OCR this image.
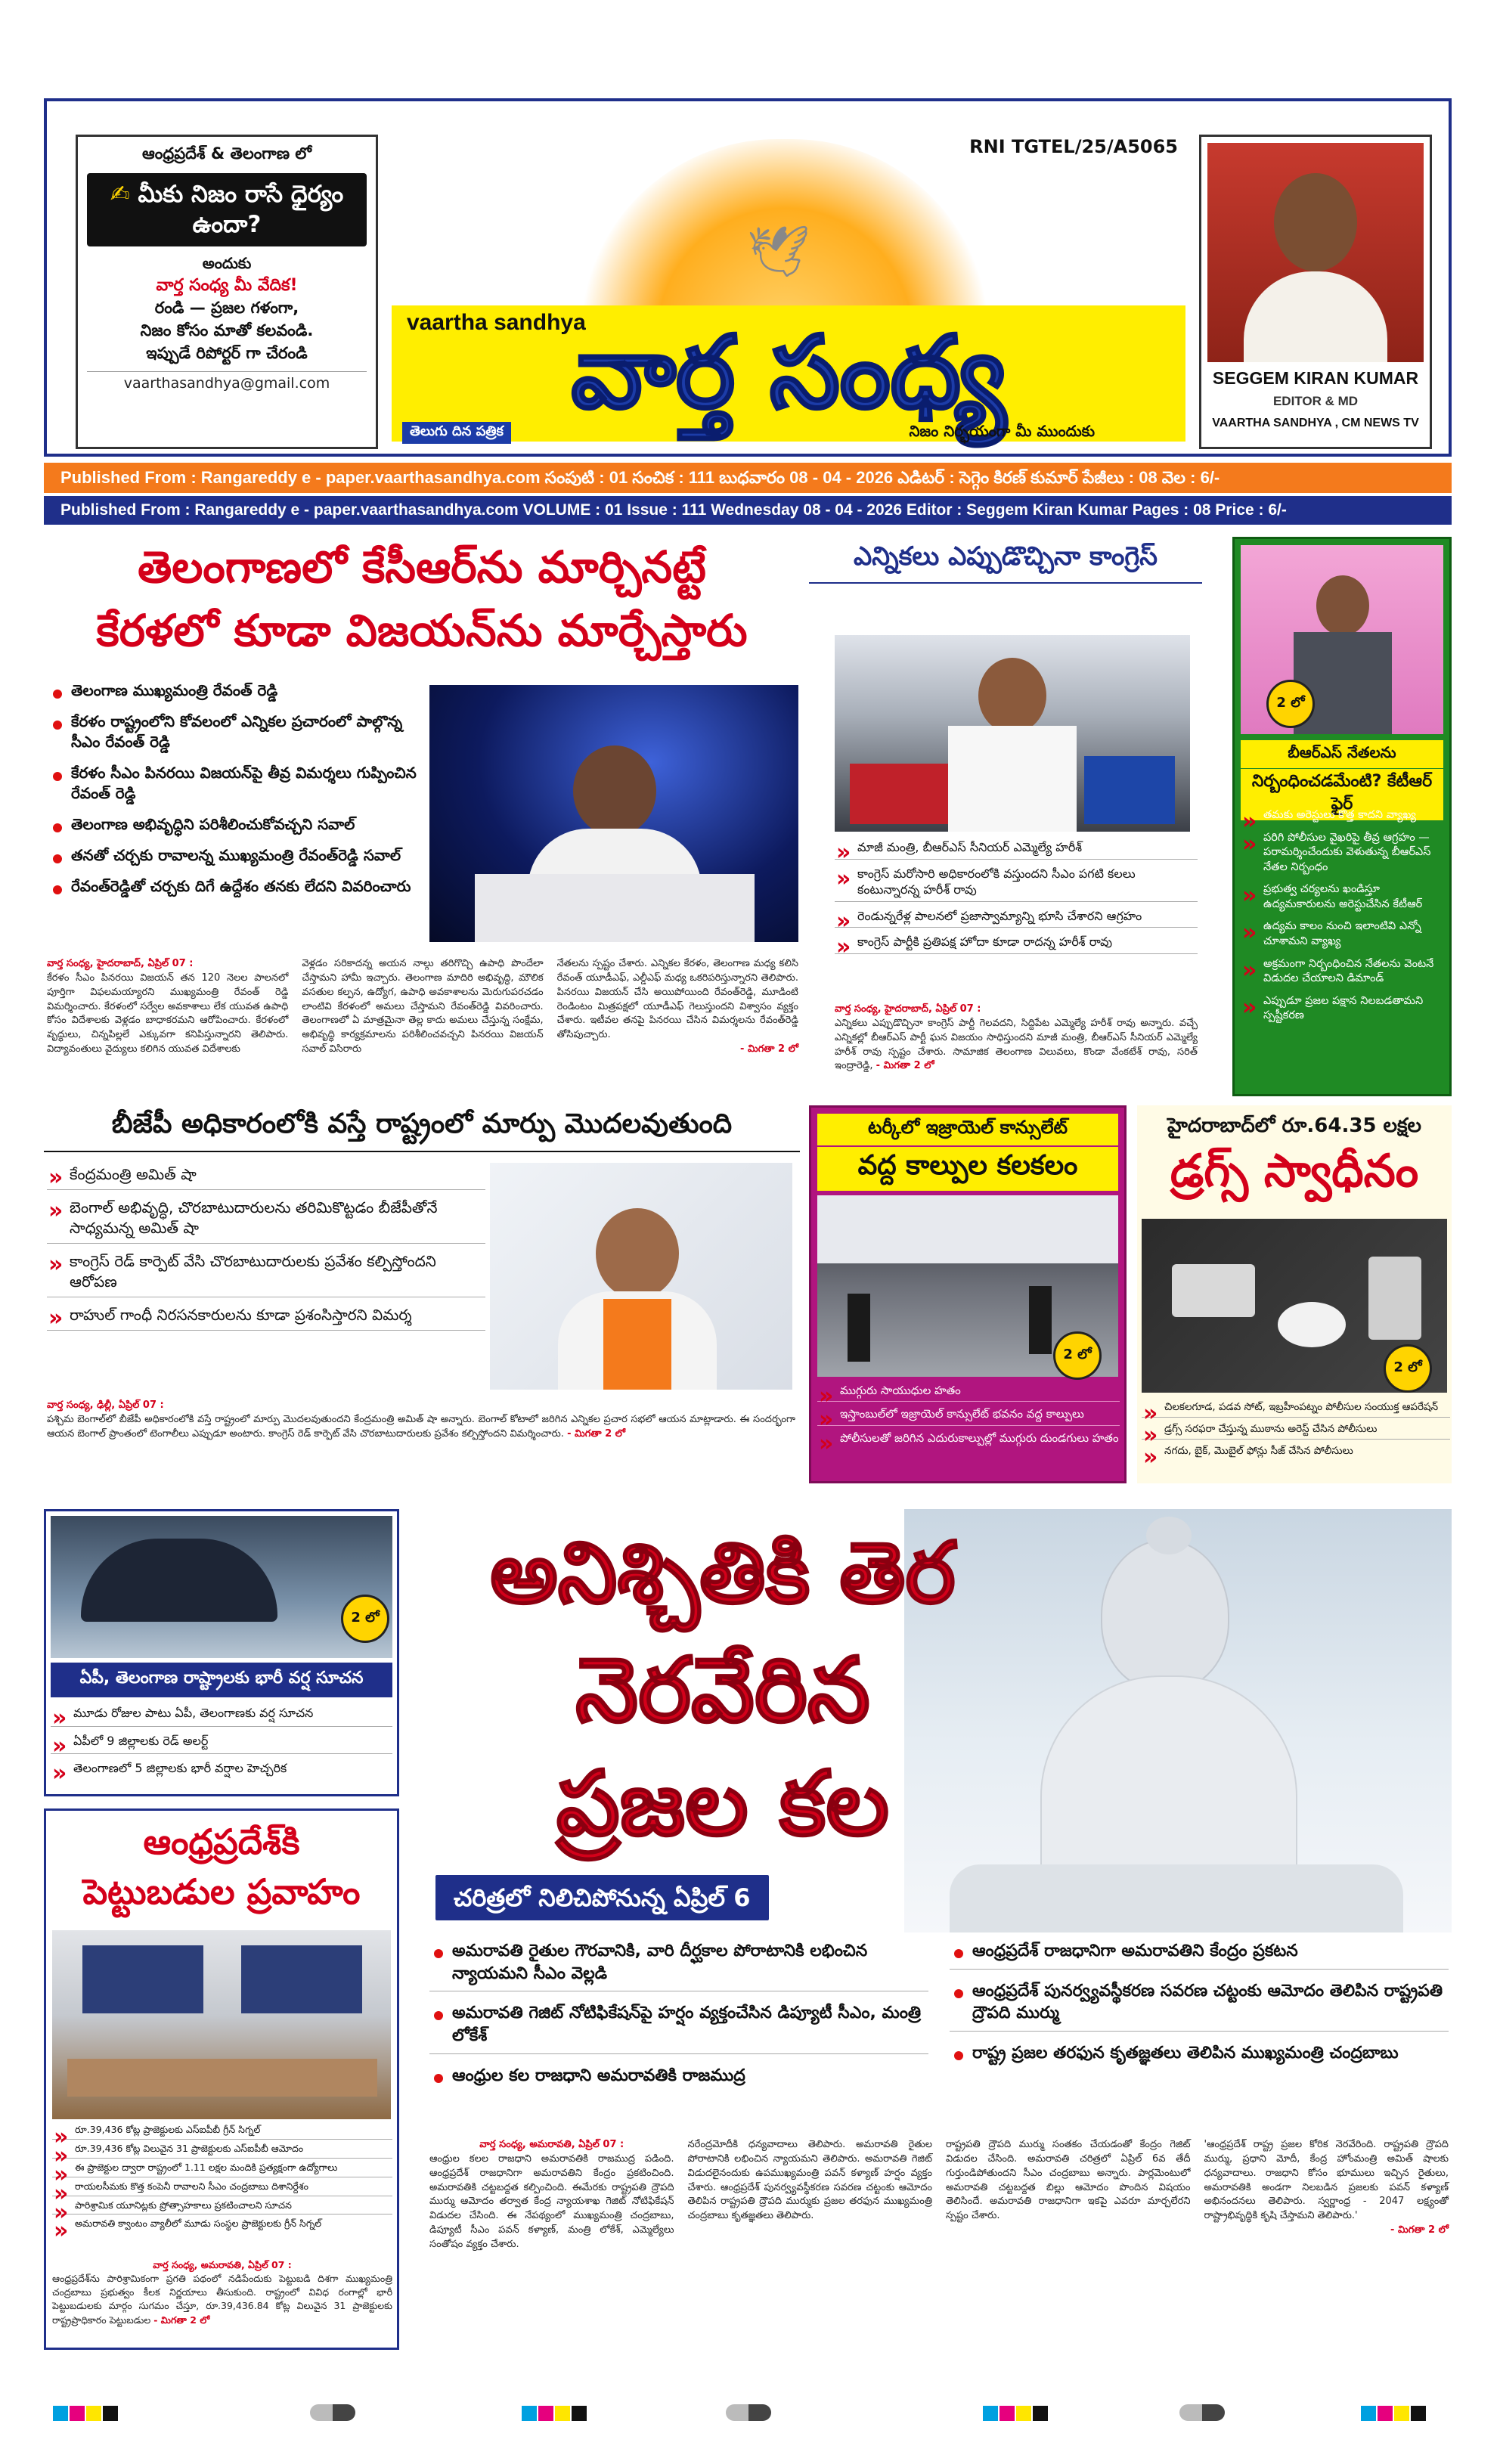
ఆంధ్రప్రదేశ్ & తెలంగాణ లో
✍ మీకు నిజం రాసే ధైర్యం ఉందా?
అందుకు
వార్త సంధ్య మీ వేదిక!
రండి — ప్రజల గళంగా,
నిజం కోసం మాతో కలవండి.
ఇప్పుడే రిపోర్టర్ గా చేరండి
vaarthasandhya@gmail.com
🕊
RNI TGTEL/25/A5065
vaartha sandhya
వార్త సంధ్య
తెలుగు దిన పత్రిక	నిజం నిర్భయంగా మీ ముందుకు
SEGGEM KIRAN KUMAR
EDITOR & MD
VAARTHA SANDHYA , CM NEWS TV
Published From : Rangareddy e - paper.vaarthasandhya.com సంపుటి : 01 సంచిక : 111 బుధవారం 08 - 04 - 2026 ఎడిటర్ : సెగ్గెం కిరణ్ కుమార్ పేజీలు : 08 వెల : 6/-
Published From : Rangareddy e - paper.vaarthasandhya.com VOLUME : 01 Issue : 111 Wednesday 08 - 04 - 2026 Editor : Seggem Kiran Kumar Pages : 08 Price : 6/-
తెలంగాణలో కేసీఆర్‌ను మార్చినట్టే
కేరళలో కూడా విజయన్‌ను మార్చేస్తారు
తెలంగాణ ముఖ్యమంత్రి రేవంత్ రెడ్డి
కేరళం రాష్ట్రంలోని కోవలంలో ఎన్నికల ప్రచారంలో పాల్గొన్న సీఎం రేవంత్ రెడ్డి
కేరళం సీఎం పినరయి విజయన్‌పై తీవ్ర విమర్శలు గుప్పించిన రేవంత్ రెడ్డి
తెలంగాణ అభివృద్ధిని పరిశీలించుకోవచ్చని సవాల్
తనతో చర్చకు రావాలన్న ముఖ్యమంత్రి రేవంత్‌రెడ్డి సవాల్
రేవంత్‌రెడ్డితో చర్చకు దిగే ఉద్దేశం తనకు లేదని వివరించారు
వార్త సంధ్య, హైదరాబాద్, ఏప్రిల్ 07 :
కేరళం సీఎం పినరయి విజయన్ తన 120 నెలల పాలనలో పూర్తిగా విఫలమయ్యారని ముఖ్యమంత్రి రేవంత్ రెడ్డి విమర్శించారు. కేరళంలో సర్వేల అవకాశాలు లేక యువత ఉపాధి కోసం విదేశాలకు వెళ్లడం బాధాకరమని ఆరోపించారు. కేరళంలో వృద్ధులు, చిన్నపిల్లలే ఎక్కువగా కనిపిస్తున్నారని తెలిపారు. విద్యావంతులు వైద్యులు కలిగిన యువత విదేశాలకు
వెళ్లడం సరికాదన్న అయన నాల్గు తరిగొచ్చి ఉపాధి పొందేలా చేస్తామని హామీ ఇచ్చారు. తెలంగాణ మాదిరి అభివృద్ధి, మౌలిక వసతుల కల్పన, ఉద్యోగ, ఉపాధి అవకాశాలను మెరుగుపరచడం లాంటివి కేరళంలో అమలు చేస్తామని రేవంత్‌రెడ్డి వివరించారు. తెలంగాణలో ఏ మాత్రమైనా తెల్ల కాదు అమలు చేస్తున్న సంక్షేమ, అభివృద్ధి కార్యక్రమాలను పరిశీలించవచ్చని పినరయి విజయన్ సవాల్ విసిరారు
నేతలను స్పష్టం చేశారు. ఎన్నికల కేరళం, తెలంగాణ మధ్య కలిసి రేవంత్ యూడీఎఫ్, ఎల్డీఎఫ్ మధ్య ఒకరిపరిస్తున్నారని తెలిపారు. పినరయి విజయన్ చేసి అయిపోయింది రేవంత్‌రెడ్డి, మూడింటి రెండింటం మిత్రపక్షలో యూడీఎఫ్ గెలుస్తుందని విశ్వాసం వ్యక్తం చేశారు. ఇటీవల తనపై పినరయి చేసిన విమర్శలను రేవంత్‌రెడ్డి తోసిపుచ్చారు.
- మిగతా 2 లో
ఎన్నికలు ఎప్పుడొచ్చినా కాంగ్రెస్
» మాజీ మంత్రి, బీఆర్‌ఎస్ సీనియర్ ఎమ్మెల్యే హరీశ్
» కాంగ్రెస్ మరోసారి అధికారంలోకి వస్తుందని సీఎం పగటి కలలు కంటున్నారన్న హరీశ్ రావు
» రెండున్నరేళ్ల పాలనలో ప్రజాస్వామ్యాన్ని భూసి చేశారని ఆగ్రహం
» కాంగ్రెస్ పార్టీకి ప్రతిపక్ష హోదా కూడా రాదన్న హరీశ్ రావు
వార్త సంధ్య, హైదరాబాద్, ఏప్రిల్ 07 :
ఎన్నికలు ఎప్పుడొచ్చినా కాంగ్రెస్ పార్టీ గెలవదని, సిద్దిపేట ఎమ్మెల్యే హరీశ్ రావు అన్నారు. వచ్చే ఎన్నికల్లో బీఆర్‌ఎస్ పార్టీ ఘన విజయం సాధిస్తుందని మాజీ మంత్రి, బీఆర్‌ఎస్ సీనియర్ ఎమ్మెల్యే హరీశ్ రావు స్పష్టం చేశారు. సామాజిక తెలంగాణ విలువలు, కొండా వేంకటేశ్ రావు, సరిత్ ఇంద్రారెడ్డి, - మిగతా 2 లో
2 లో
బీఆర్‌ఎస్ నేతలను
నిర్బంధించడమేంటి? కేటీఆర్ ఫైర్
» తమకు అరెస్టులు కొత్త కాదని వ్యాఖ్య
» పరిగి పోలీసుల వైఖరిపై తీవ్ర ఆగ్రహం — పరామర్శించేందుకు వెళుతున్న బీఆర్‌ఎస్ నేతల నిర్బంధం
» ప్రభుత్వ చర్యలను ఖండిస్తూ ఉద్యమకారులను అరెస్టుచేసిన కేటీఆర్
» ఉద్యమ కాలం నుంచి ఇలాంటివి ఎన్నో చూశామని వ్యాఖ్య
» అక్రమంగా నిర్బంధించిన నేతలను వెంటనే విడుదల చేయాలని డిమాండ్
» ఎప్పుడూ ప్రజల పక్షాన నిలబడతామని స్పష్టీకరణ
బీజేపీ అధికారంలోకి వస్తే రాష్ట్రంలో మార్పు మొదలవుతుంది
» కేంద్రమంత్రి అమిత్ షా
» బెంగాల్ అభివృద్ధి, చొరబాటుదారులను తరిమికొట్టడం బీజేపీతోనే సాధ్యమన్న అమిత్ షా
» కాంగ్రెస్ రెడ్ కార్పెట్ వేసి చొరబాటుదారులకు ప్రవేశం కల్పిస్తోందని ఆరోపణ
» రాహుల్ గాంధీ నిరసనకారులను కూడా ప్రశంసిస్తారని విమర్శ
వార్త సంధ్య, ఢిల్లీ, ఏప్రిల్ 07 :
పశ్చిమ బెంగాల్‌లో బీజేపీ అధికారంలోకి వస్తే రాష్ట్రంలో మార్పు మొదలవుతుందని కేంద్రమంత్రి అమిత్ షా అన్నారు. బెంగాల్ కోటాలో జరిగిన ఎన్నికల ప్రచార సభలో ఆయన మాట్లాడారు. ఈ సందర్భంగా ఆయన బెంగాల్ ప్రాంతంలో టెంగాలీలు ఎప్పుడూ అంటారు. కాంగ్రెస్ రెడ్ కార్పెట్ వేసి చొరబాటుదారులకు ప్రవేశం కల్పిస్తోందని విమర్శించారు. - మిగతా 2 లో
టర్కీలో ఇజ్రాయెల్ కాన్సులేట్
వద్ద కాల్పుల కలకలం
2 లో
» ముగ్గురు సాయుధుల హతం
» ఇస్తాంబుల్‌లో ఇజ్రాయెల్ కాన్సులేట్ భవనం వద్ద కాల్పులు
» పోలీసులతో జరిగిన ఎదురుకాల్పుల్లో ముగ్గురు దుండగులు హతం
హైదరాబాద్‌లో రూ.64.35 లక్షల
డ్రగ్స్ స్వాధీనం
2 లో
» చిలకలగూడ, పడవ సోట్, ఇబ్రహీంపట్నం పోలీసుల సంయుక్త ఆపరేషన్
» డ్రగ్స్ సరఫరా చేస్తున్న ముఠాను అరెస్ట్ చేసిన పోలీసులు
» నగదు, బైక్, మొబైల్ ఫోన్లు సీజ్ చేసిన పోలీసులు
2 లో
ఏపీ, తెలంగాణ రాష్ట్రాలకు భారీ వర్ష సూచన
» మూడు రోజుల పాటు ఏపీ, తెలంగాణకు వర్ష సూచన
» ఏపీలో 9 జిల్లాలకు రెడ్ అలర్ట్
» తెలంగాణలో 5 జిల్లాలకు భారీ వర్షాల హెచ్చరిక
ఆంధ్రప్రదేశ్‌కి
పెట్టుబడుల ప్రవాహం
» రూ.39,436 కోట్ల ప్రాజెక్టులకు ఎస్‌ఐపీబీ గ్రీన్ సిగ్నల్
» రూ.39,436 కోట్ల విలువైన 31 ప్రాజెక్టులకు ఎస్‌ఐపీబీ ఆమోదం
» ఈ ప్రాజెక్టుల ద్వారా రాష్ట్రంలో 1.11 లక్షల మందికి ప్రత్యక్షంగా ఉద్యోగాలు
» రాయలసీమకు కొత్త కంపెనీ రావాలని సీఎం చంద్రబాబు దిశానిర్దేశం
» పారిశ్రామిక యూనిట్లకు ప్రోత్సాహకాలు ప్రకటించాలని సూచన
» అమరావతి క్వాంటం వ్యాలీలో మూడు సంస్థల ప్రాజెక్టులకు గ్రీన్ సిగ్నల్
వార్త సంధ్య, అమరావతి, ఏప్రిల్ 07 :
ఆంధ్రప్రదేశ్‌ను పారిశ్రామికంగా ప్రగతి పథంలో నడిపేందుకు పెట్టుబడి దిశగా ముఖ్యమంత్రి చంద్రబాబు ప్రభుత్వం కీలక నిర్ణయాలు తీసుకుంది. రాష్ట్రంలో వివిధ రంగాల్లో భారీ పెట్టుబడులకు మార్గం సుగమం చేస్తూ, రూ.39,436.84 కోట్ల విలువైన 31 ప్రాజెక్టులకు రాష్ట్రప్రాధికారం పెట్టుబడుల - మిగతా 2 లో
అనిశ్చితికి తెర
నెరవేరిన
ప్రజల కల
చరిత్రలో నిలిచిపోనున్న ఏప్రిల్ 6
అమరావతి రైతుల గౌరవానికి, వారి దీర్ఘకాల పోరాటానికి లభించిన న్యాయమని సీఎం వెల్లడి
అమరావతి గెజిట్ నోటిఫికేషన్‌పై హర్షం వ్యక్తంచేసిన డిప్యూటీ సీఎం, మంత్రి లోకేశ్
ఆంధ్రుల కల రాజధాని అమరావతికి రాజముద్ర
ఆంధ్రప్రదేశ్ రాజధానిగా అమరావతిని కేంద్రం ప్రకటన
ఆంధ్రప్రదేశ్ పునర్వ్యవస్థీకరణ సవరణ చట్టంకు ఆమోదం తెలిపిన రాష్ట్రపతి ద్రౌపది ముర్ము
రాష్ట్ర ప్రజల తరఫున కృతజ్ఞతలు తెలిపిన ముఖ్యమంత్రి చంద్రబాబు
వార్త సంధ్య, అమరావతి, ఏప్రిల్ 07 :
ఆంధ్రుల కలల రాజధాని అమరావతికి రాజముద్ర పడింది. ఆంధ్రప్రదేశ్ రాజధానిగా అమరావతిని కేంద్రం ప్రకటించింది. అమరావతికి చట్టబద్దత కల్పించింది. ఈమేరకు రాష్ట్రపతి ద్రౌపది ముర్ము ఆమోదం తర్వాత కేంద్ర న్యాయశాఖ గెజిట్ నోటిఫికేషన్ విడుదల చేసింది. ఈ నేపథ్యంలో ముఖ్యమంత్రి చంద్రబాబు, డిప్యూటీ సీఎం పవన్ కళ్యాణ్, మంత్రి లోకేశ్, ఎమ్మెల్యేలు సంతోషం వ్యక్తం చేశారు.
నరేంద్రమోదీకి ధన్యవాదాలు తెలిపారు. అమరావతి రైతుల పోరాటానికి లభించిన న్యాయమని తెలిపారు. అమరావతి గెజిట్ విడుదలైనందుకు ఉపముఖ్యమంత్రి పవన్ కళ్యాణ్ హర్షం వ్యక్తం చేశారు. ఆంధ్రప్రదేశ్ పునర్వ్యవస్థీకరణ సవరణ చట్టంకు ఆమోదం తెలిపిన రాష్ట్రపతి ద్రౌపది ముర్ముకు ప్రజల తరఫున ముఖ్యమంత్రి చంద్రబాబు కృతజ్ఞతలు తెలిపారు.
రాష్ట్రపతి ద్రౌపది ముర్ము సంతకం చేయడంతో కేంద్రం గెజిట్ విడుదల చేసింది. అమరావతి చరిత్రలో ఏప్రిల్ 6వ తేదీ గుర్తుండిపోతుందని సీఎం చంద్రబాబు అన్నారు. పార్లమెంటులో అమరావతి చట్టబద్దత బిల్లు ఆమోదం పొందిన విషయం తెలిసిందే. అమరావతి రాజధానిగా ఇకపై ఎవరూ మార్చలేరని స్పష్టం చేశారు.
'ఆంధ్రప్రదేశ్ రాష్ట్ర ప్రజల కోరిక నెరవేరింది. రాష్ట్రపతి ద్రౌపది ముర్ము, ప్రధాని మోదీ, కేంద్ర హోంమంత్రి అమిత్ షాలకు ధన్యవాదాలు. రాజధాని కోసం భూములు ఇచ్చిన రైతులు, అమరావతికి అండగా నిలబడిన ప్రజలకు పవన్ కళ్యాణ్ అభినందనలు తెలిపారు. స్వర్ణాంధ్ర - 2047 లక్ష్యంతో రాష్ట్రాభివృద్ధికి కృషి చేస్తామని తెలిపారు.'
- మిగతా 2 లో
